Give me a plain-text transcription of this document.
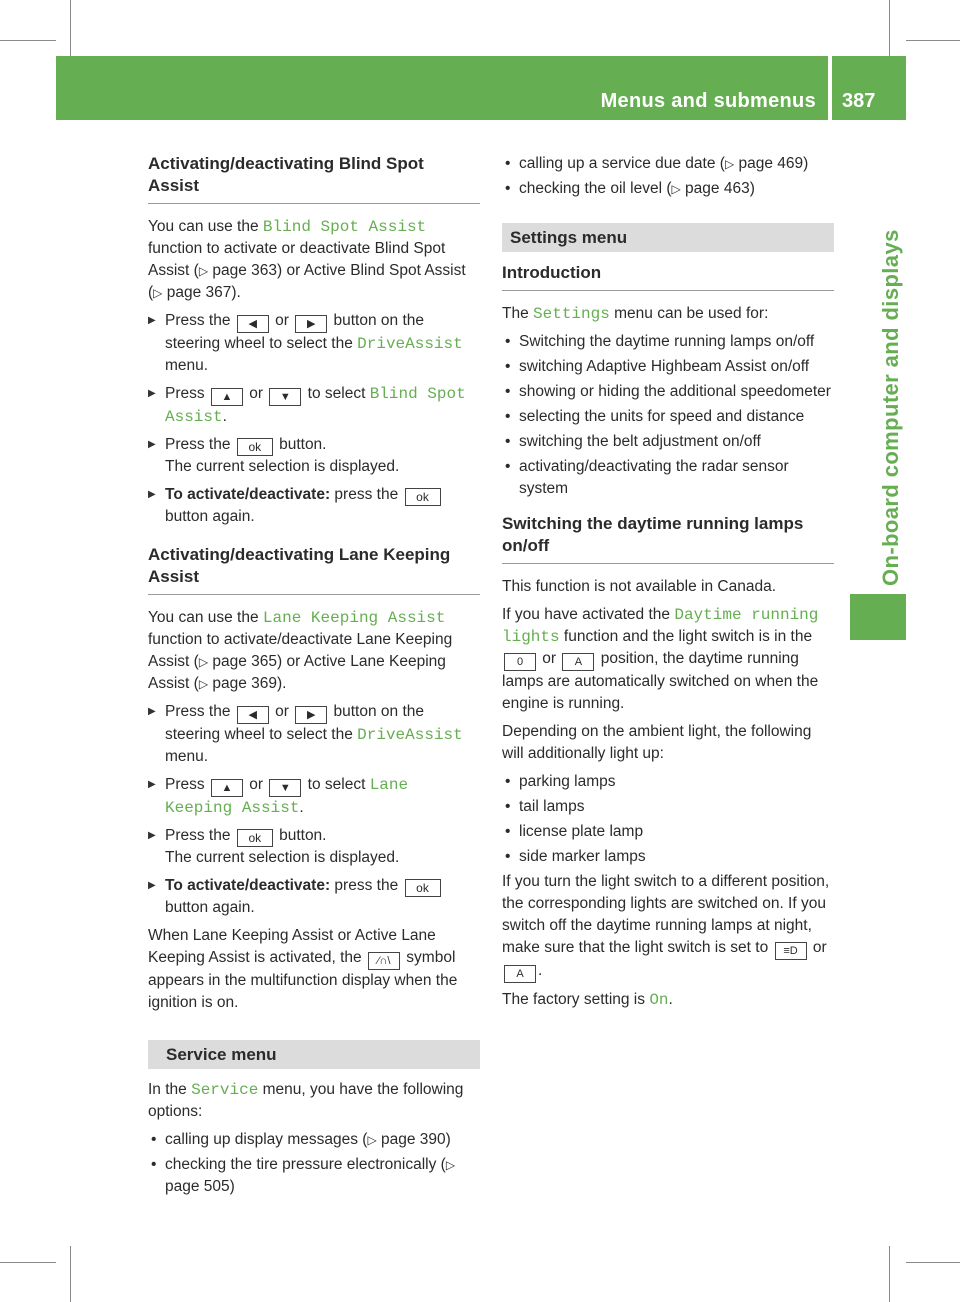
Menus and submenus 387
On-board computer and displays
Activating/deactivating Blind Spot
Assist

You can use the Blind Spot Assist function to activate or deactivate Blind Spot Assist (▷ page 363) or Active Blind Spot Assist (▷ page 367).

▶ Press the ◀ or ▶ button on the steering wheel to select the DriveAssist menu.
▶ Press ▲ or ▼ to select Blind Spot Assist.
▶ Press the ok button.
The current selection is displayed.
▶ To activate/deactivate: press the ok button again.
Activating/deactivating Lane Keeping
Assist

You can use the Lane Keeping Assist function to activate/deactivate Lane Keeping Assist (▷ page 365) or Active Lane Keeping Assist (▷ page 369).

▶ Press the ◀ or ▶ button on the steering wheel to select the DriveAssist menu.
▶ Press ▲ or ▼ to select Lane Keeping Assist.
▶ Press the ok button.
The current selection is displayed.
▶ To activate/deactivate: press the ok button again.

When Lane Keeping Assist or Active Lane Keeping Assist is activated, the ⁄∩\ symbol appears in the multifunction display when the ignition is on.

Service menu

In the Service menu, you have the following options:

• calling up display messages (▷ page 390)
• checking the tire pressure electronically (▷ page 505)
• calling up a service due date (▷ page 469)
• checking the oil level (▷ page 463)
Settings menu
Introduction

The Settings menu can be used for:

• Switching the daytime running lamps on/off
• switching Adaptive Highbeam Assist on/off
• showing or hiding the additional speedometer
• selecting the units for speed and distance
• switching the belt adjustment on/off
• activating/deactivating the radar sensor system
Switching the daytime running lamps
on/off

This function is not available in Canada.

If you have activated the Daytime running lights function and the light switch is in the 0 or A position, the daytime running lamps are automatically switched on when the engine is running.

Depending on the ambient light, the following will additionally light up:

• parking lamps
• tail lamps
• license plate lamp
• side marker lamps

If you turn the light switch to a different position, the corresponding lights are switched on. If you switch off the daytime running lamps at night, make sure that the light switch is set to ≡D or A .

The factory setting is On.
